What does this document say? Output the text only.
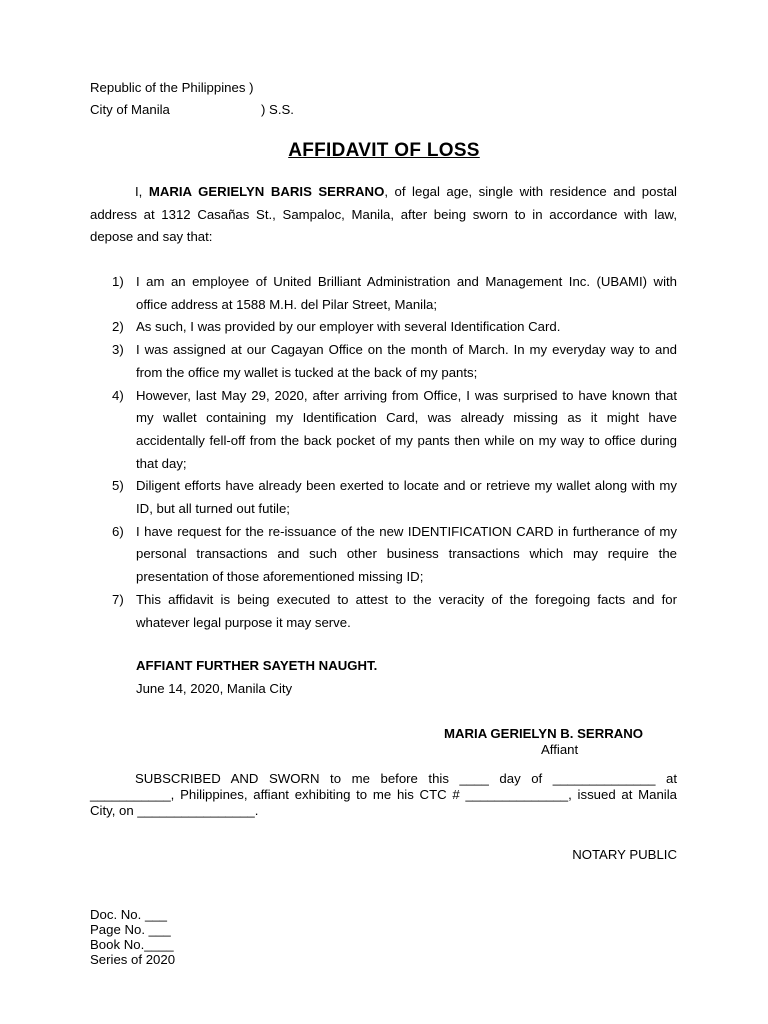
Republic of the Philippines )
City of Manila	) S.S.
AFFIDAVIT OF LOSS
I, MARIA GERIELYN BARIS SERRANO, of legal age, single with residence and postal address at 1312 Casañas St., Sampaloc, Manila, after being sworn to in accordance with law, depose and say that:
1) I am an employee of United Brilliant Administration and Management Inc. (UBAMI) with office address at 1588 M.H. del Pilar Street, Manila;
2) As such, I was provided by our employer with several Identification Card.
3) I was assigned at our Cagayan Office on the month of March. In my everyday way to and from the office my wallet is tucked at the back of my pants;
4) However, last May 29, 2020, after arriving from Office, I was surprised to have known that my wallet containing my Identification Card, was already missing as it might have accidentally fell-off from the back pocket of my pants then while on my way to office during that day;
5) Diligent efforts have already been exerted to locate and or retrieve my wallet along with my ID, but all turned out futile;
6) I have request for the re-issuance of the new IDENTIFICATION CARD in furtherance of my personal transactions and such other business transactions which may require the presentation of those aforementioned missing ID;
7) This affidavit is being executed to attest to the veracity of the foregoing facts and for whatever legal purpose it may serve.
AFFIANT FURTHER SAYETH NAUGHT.
June 14, 2020, Manila City
MARIA GERIELYN B. SERRANO
Affiant
SUBSCRIBED AND SWORN to me before this ____ day of ______________ at ___________, Philippines, affiant exhibiting to me his CTC # ______________, issued at Manila City, on ________________.
NOTARY PUBLIC
Doc. No. ___
Page No. ___
Book No.____
Series of 2020
